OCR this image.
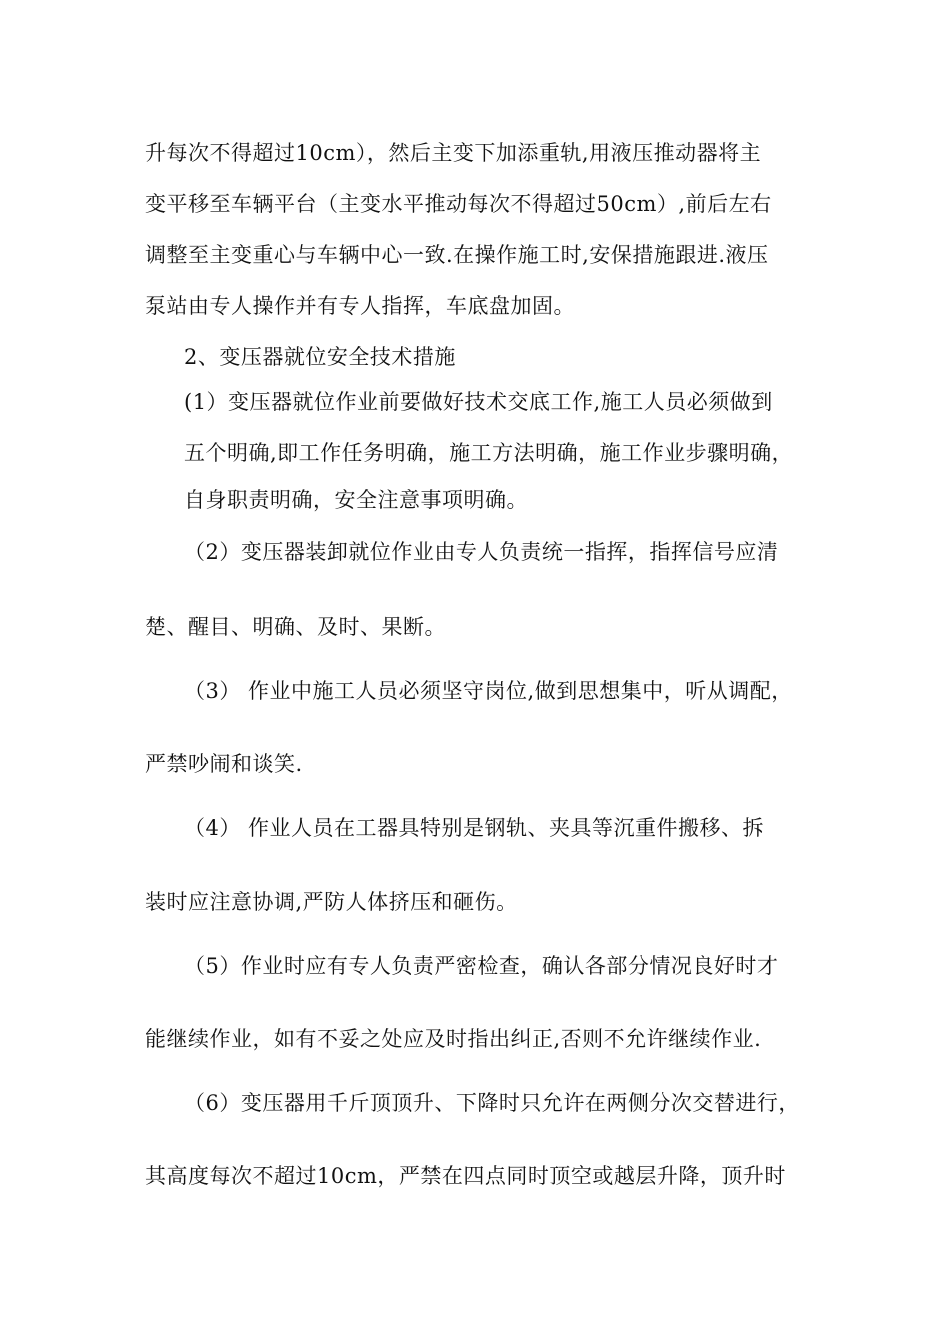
升每次不得超过10cm），然后主变下加添重轨,用液压推动器将主
变平移至车辆平台（主变水平推动每次不得超过50cm）,前后左右
调整至主变重心与车辆中心一致.在操作施工时,安保措施跟进.液压
泵站由专人操作并有专人指挥，车底盘加固。
2、变压器就位安全技术措施
(1）变压器就位作业前要做好技术交底工作,施工人员必须做到
五个明确,即工作任务明确，施工方法明确，施工作业步骤明确，
自身职责明确，安全注意事项明确。
（2）变压器装卸就位作业由专人负责统一指挥，指挥信号应清
楚、醒目、明确、及时、果断。
（3） 作业中施工人员必须坚守岗位,做到思想集中，听从调配，
严禁吵闹和谈笑.
（4） 作业人员在工器具特别是钢轨、夹具等沉重件搬移、拆
装时应注意协调,严防人体挤压和砸伤。
（5）作业时应有专人负责严密检查，确认各部分情况良好时才
能继续作业，如有不妥之处应及时指出纠正,否则不允许继续作业.
（6）变压器用千斤顶顶升、下降时只允许在两侧分次交替进行，
其高度每次不超过10cm，严禁在四点同时顶空或越层升降，顶升时
